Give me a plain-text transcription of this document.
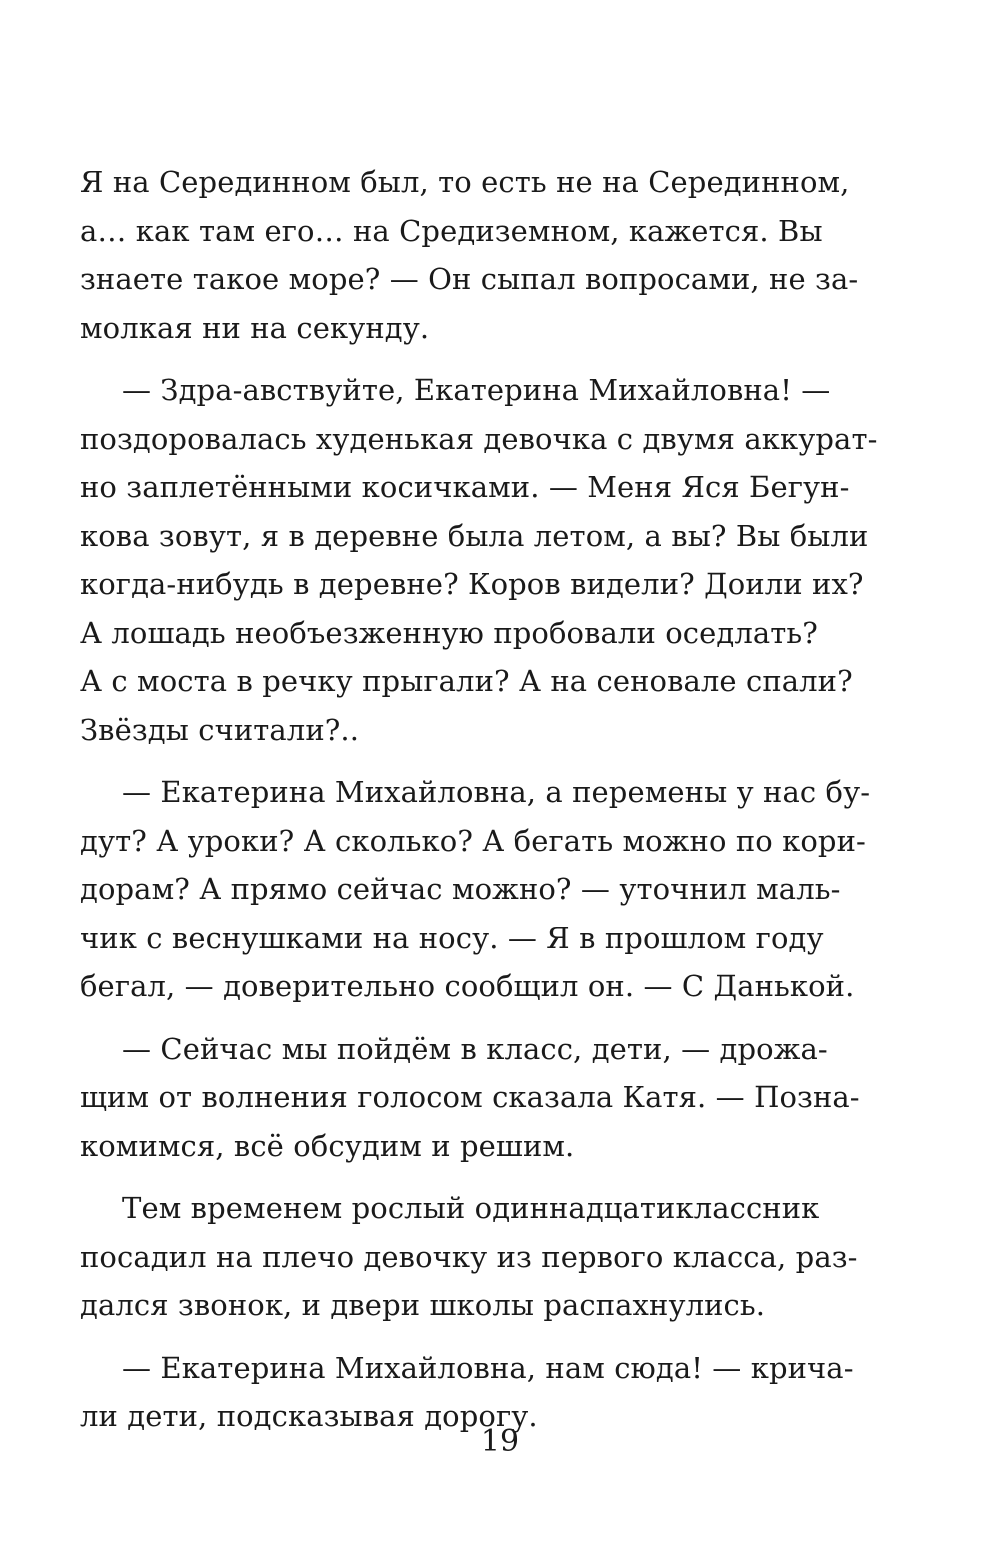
Я на Серединном был, то есть не на Серединном,
а… как там его… на Средиземном, кажется. Вы
знаете такое море? — Он сыпал вопросами, не за-
молкая ни на секунду.
— Здра-авствуйте, Екатерина Михайловна! —
поздоровалась худенькая девочка с двумя аккурат-
но заплетёнными косичками. — Меня Яся Бегун-
кова зовут, я в деревне была летом, а вы? Вы были
когда-нибудь в деревне? Коров видели? Доили их?
А лошадь необъезженную пробовали оседлать?
А с моста в речку прыгали? А на сеновале спали?
Звёзды считали?..
— Екатерина Михайловна, а перемены у нас бу-
дут? А уроки? А сколько? А бегать можно по кори-
дорам? А прямо сейчас можно? — уточнил маль-
чик с веснушками на носу. — Я в прошлом году
бегал, — доверительно сообщил он. — С Данькой.
— Сейчас мы пойдём в класс, дети, — дрожа-
щим от волнения голосом сказала Катя. — Позна-
комимся, всё обсудим и решим.
Тем временем рослый одиннадцатиклассник
посадил на плечо девочку из первого класса, раз-
дался звонок, и двери школы распахнулись.
— Екатерина Михайловна, нам сюда! — крича-
ли дети, подсказывая дорогу.
19
